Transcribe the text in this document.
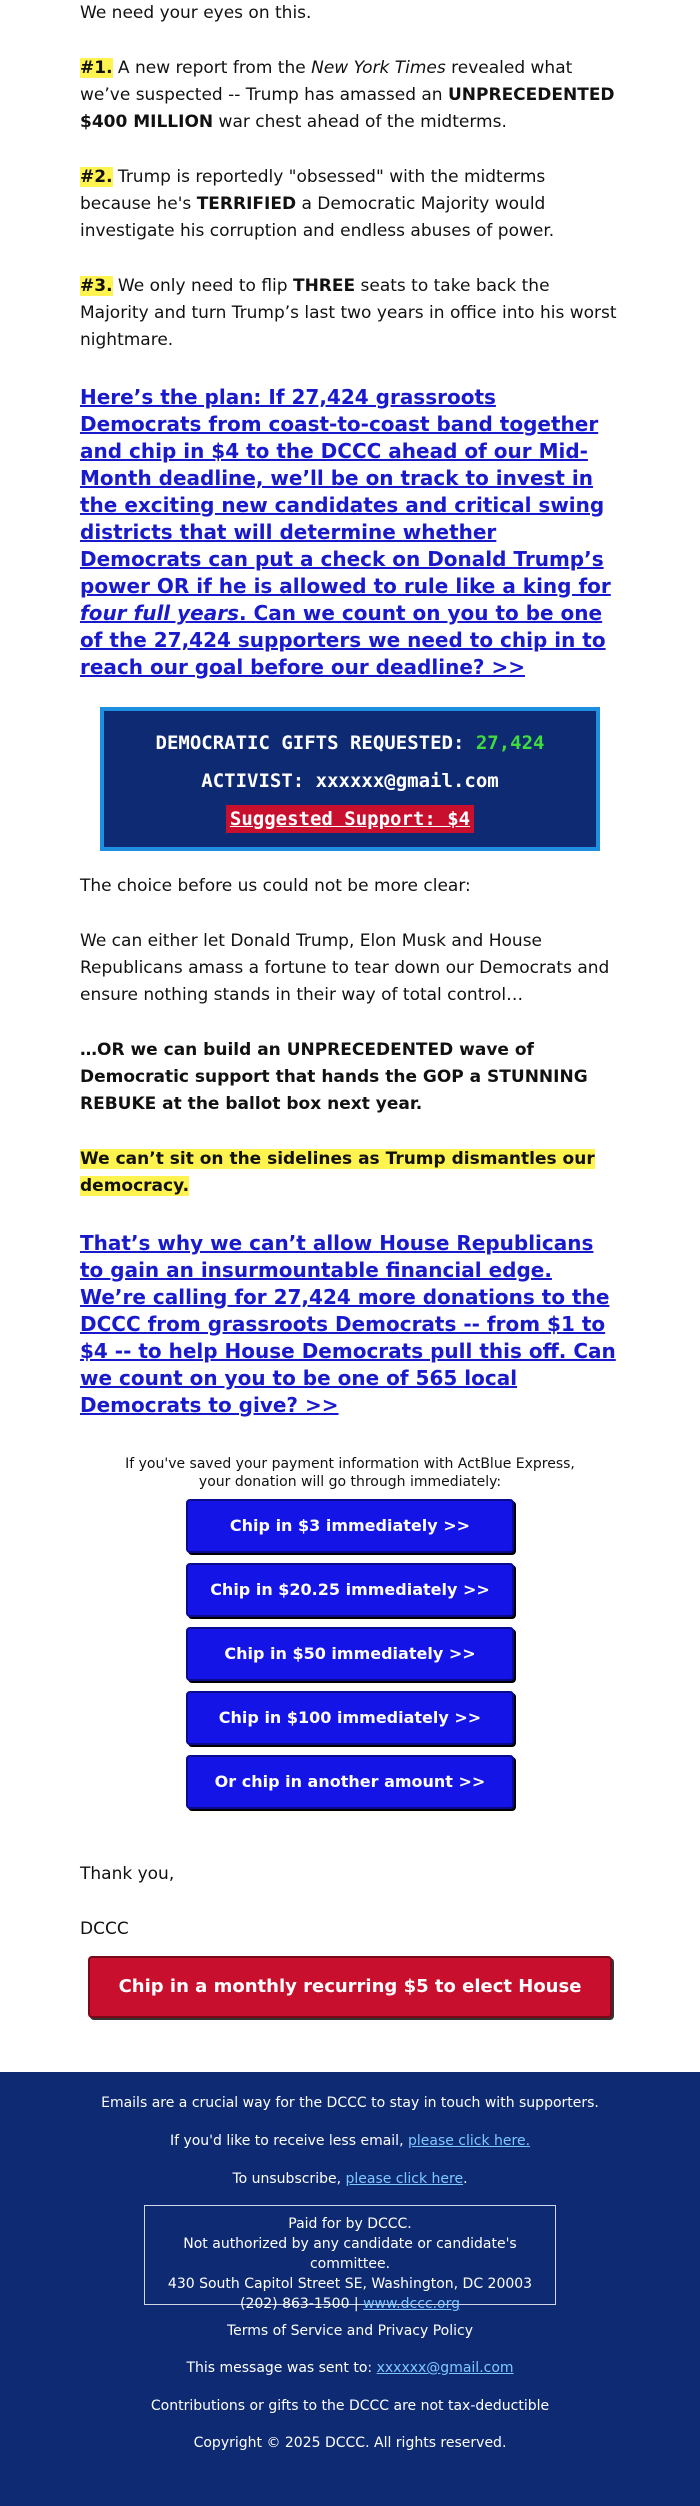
We need your eyes on this.

#1. A new report from the New York Times revealed what we’ve suspected -- Trump has amassed an UNPRECEDENTED $400 MILLION war chest ahead of the midterms.

#2. Trump is reportedly "obsessed" with the midterms because he's TERRIFIED a Democratic Majority would investigate his corruption and endless abuses of power.

#3. We only need to flip THREE seats to take back the Majority and turn Trump’s last two years in office into his worst nightmare.

Here’s the plan: If 27,424 grassroots Democrats from coast-to-coast band together and chip in $4 to the DCCC ahead of our Mid-Month deadline, we’ll be on track to invest in the exciting new candidates and critical swing districts that will determine whether Democrats can put a check on Donald Trump’s power OR if he is allowed to rule like a king for four full years. Can we count on you to be one of the 27,424 supporters we need to chip in to reach our goal before our deadline? >>
DEMOCRATIC GIFTS REQUESTED: 27,424
ACTIVIST: xxxxxx@gmail.com
Suggested Support: $4

The choice before us could not be more clear:

We can either let Donald Trump, Elon Musk and House Republicans amass a fortune to tear down our Democrats and ensure nothing stands in their way of total control…

…OR we can build an UNPRECEDENTED wave of Democratic support that hands the GOP a STUNNING REBUKE at the ballot box next year.

We can’t sit on the sidelines as Trump dismantles our democracy.

That’s why we can’t allow House Republicans to gain an insurmountable financial edge. We’re calling for 27,424 more donations to the DCCC from grassroots Democrats -- from $1 to $4 -- to help House Democrats pull this off. Can we count on you to be one of 565 local Democrats to give? >>
If you've saved your payment information with ActBlue Express,
your donation will go through immediately:
Chip in $3 immediately >>
Chip in $20.25 immediately >>
Chip in $50 immediately >>
Chip in $100 immediately >>
Or chip in another amount >>

Thank you,

DCCC

Chip in a monthly recurring $5 to elect House Dems >>
Emails are a crucial way for the DCCC to stay in touch with supporters.
If you'd like to receive less email, please click here.
To unsubscribe, please click here.
Paid for by DCCC.
Not authorized by any candidate or candidate's committee.
430 South Capitol Street SE, Washington, DC 20003
(202) 863-1500 | www.dccc.org
Terms of Service and Privacy Policy
This message was sent to: xxxxxx@gmail.com
Contributions or gifts to the DCCC are not tax-deductible
Copyright © 2025 DCCC. All rights reserved.
